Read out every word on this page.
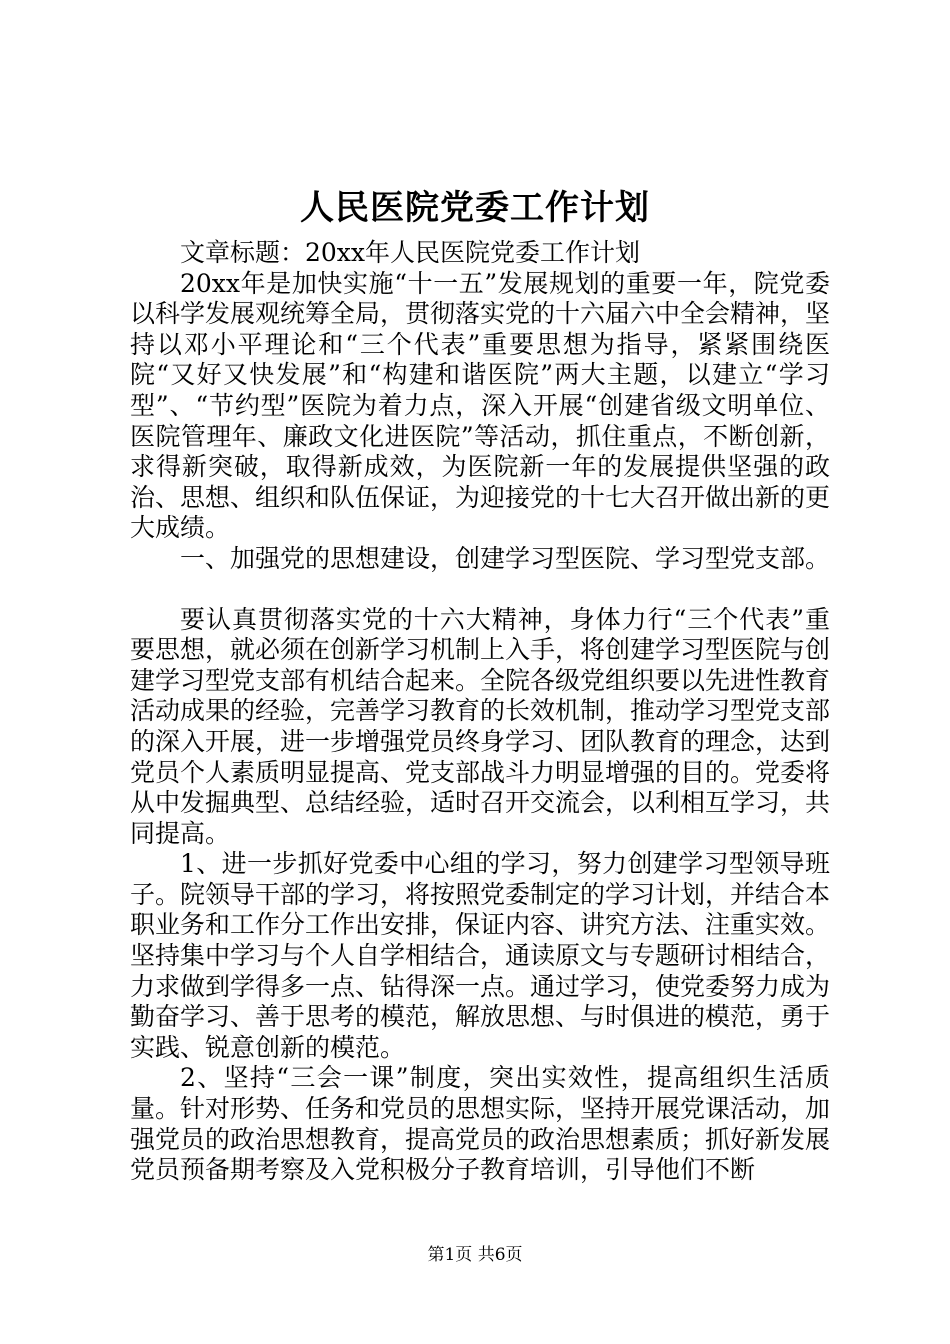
人民医院党委工作计划

文章标题：20xx年人民医院党委工作计划

20xx年是加快实施“十一五”发展规划的重要一年，院党委以科学发展观统筹全局，贯彻落实党的十六届六中全会精神，坚持以邓小平理论和“三个代表”重要思想为指导，紧紧围绕医院“又好又快发展”和“构建和谐医院”两大主题，以建立“学习型”、“节约型”医院为着力点，深入开展“创建省级文明单位、医院管理年、廉政文化进医院”等活动，抓住重点，不断创新，求得新突破，取得新成效，为医院新一年的发展提供坚强的政治、思想、组织和队伍保证，为迎接党的十七大召开做出新的更大成绩。

一、加强党的思想建设，创建学习型医院、学习型党支部。

要认真贯彻落实党的十六大精神，身体力行“三个代表”重要思想，就必须在创新学习机制上入手，将创建学习型医院与创建学习型党支部有机结合起来。全院各级党组织要以先进性教育活动成果的经验，完善学习教育的长效机制，推动学习型党支部的深入开展，进一步增强党员终身学习、团队教育的理念，达到党员个人素质明显提高、党支部战斗力明显增强的目的。党委将从中发掘典型、总结经验，适时召开交流会，以利相互学习，共同提高。

1、进一步抓好党委中心组的学习，努力创建学习型领导班子。院领导干部的学习，将按照党委制定的学习计划，并结合本职业务和工作分工作出安排，保证内容、讲究方法、注重实效。坚持集中学习与个人自学相结合，通读原文与专题研讨相结合，力求做到学得多一点、钻得深一点。通过学习，使党委努力成为勤奋学习、善于思考的模范，解放思想、与时俱进的模范，勇于实践、锐意创新的模范。

2、坚持“三会一课”制度，突出实效性，提高组织生活质量。针对形势、任务和党员的思想实际，坚持开展党课活动，加强党员的政治思想教育，提高党员的政治思想素质；抓好新发展党员预备期考察及入党积极分子教育培训，引导他们不断

第1页 共6页
